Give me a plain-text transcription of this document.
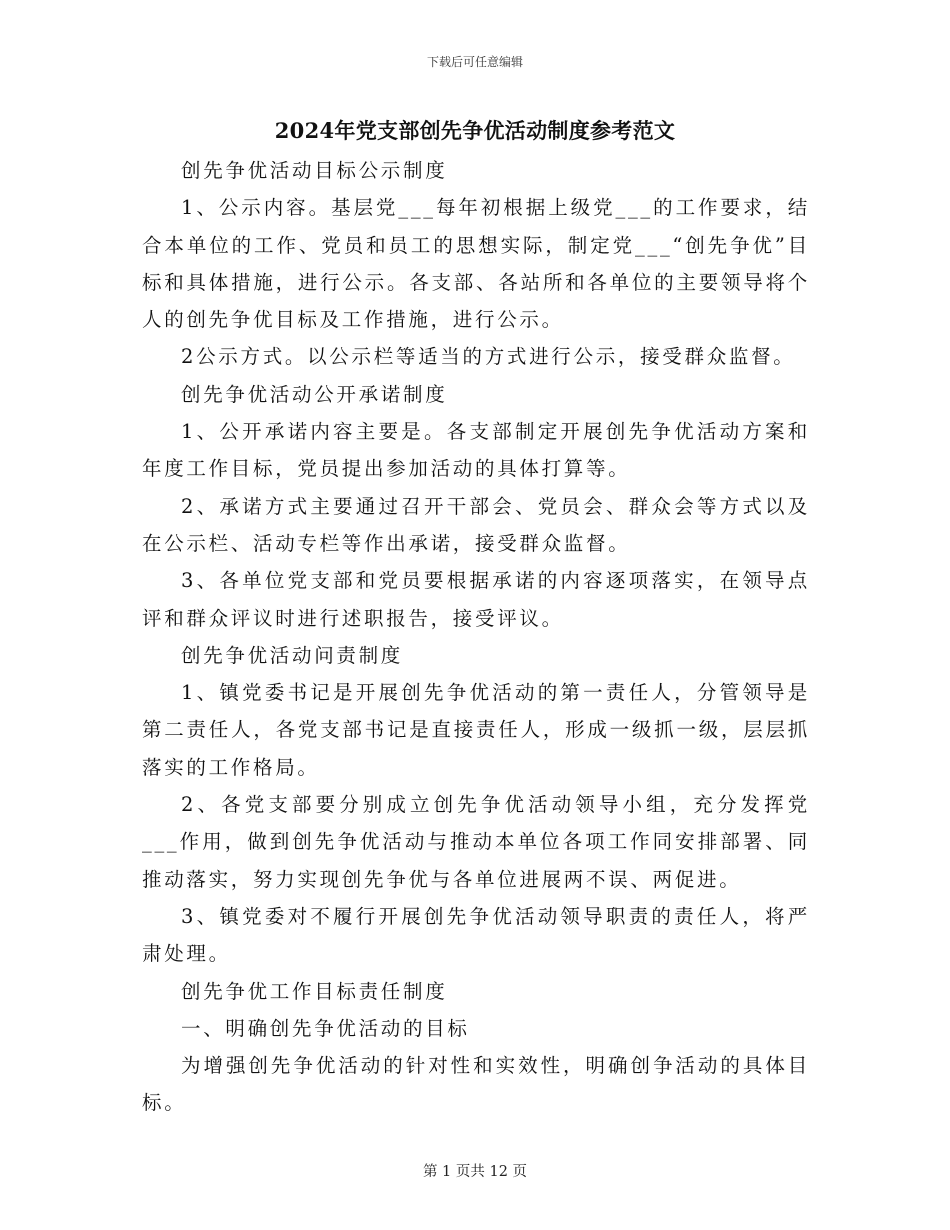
下载后可任意编辑
2024年党支部创先争优活动制度参考范文

创先争优活动目标公示制度

1、公示内容。基层党___每年初根据上级党___的工作要求，结合本单位的工作、党员和员工的思想实际，制定党___“创先争优”目标和具体措施，进行公示。各支部、各站所和各单位的主要领导将个人的创先争优目标及工作措施，进行公示。

2公示方式。以公示栏等适当的方式进行公示，接受群众监督。

创先争优活动公开承诺制度

1、公开承诺内容主要是。各支部制定开展创先争优活动方案和年度工作目标，党员提出参加活动的具体打算等。

2、承诺方式主要通过召开干部会、党员会、群众会等方式以及在公示栏、活动专栏等作出承诺，接受群众监督。

3、各单位党支部和党员要根据承诺的内容逐项落实，在领导点评和群众评议时进行述职报告，接受评议。

创先争优活动问责制度

1、镇党委书记是开展创先争优活动的第一责任人，分管领导是第二责任人，各党支部书记是直接责任人，形成一级抓一级，层层抓落实的工作格局。

2、各党支部要分别成立创先争优活动领导小组，充分发挥党___作用，做到创先争优活动与推动本单位各项工作同安排部署、同推动落实，努力实现创先争优与各单位进展两不误、两促进。

3、镇党委对不履行开展创先争优活动领导职责的责任人，将严肃处理。

创先争优工作目标责任制度

一、明确创先争优活动的目标

为增强创先争优活动的针对性和实效性，明确创争活动的具体目标。

第 1 页共 12 页
